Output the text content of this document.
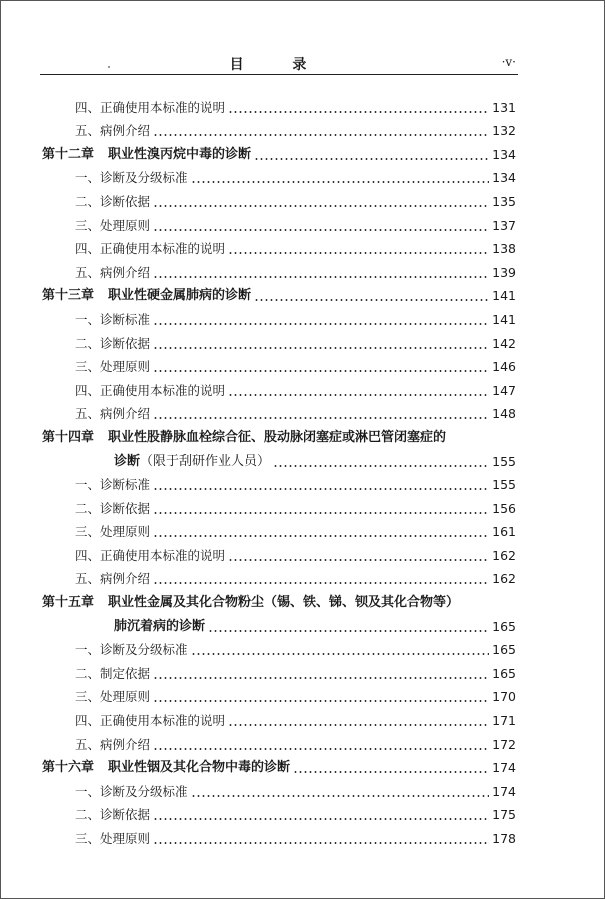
目 录	·v·
四、正确使用本标准的说明	131
五、病例介绍	132
第十二章 职业性溴丙烷中毒的诊断	134
一、诊断及分级标准	134
二、诊断依据	135
三、处理原则	137
四、正确使用本标准的说明	138
五、病例介绍	139
第十三章 职业性硬金属肺病的诊断	141
一、诊断标准	141
二、诊断依据	142
三、处理原则	146
四、正确使用本标准的说明	147
五、病例介绍	148
第十四章 职业性股静脉血栓综合征、股动脉闭塞症或淋巴管闭塞症的
诊断（限于刮研作业人员）	155
一、诊断标准	155
二、诊断依据	156
三、处理原则	161
四、正确使用本标准的说明	162
五、病例介绍	162
第十五章 职业性金属及其化合物粉尘（锡、铁、锑、钡及其化合物等）
肺沉着病的诊断	165
一、诊断及分级标准	165
二、制定依据	165
三、处理原则	170
四、正确使用本标准的说明	171
五、病例介绍	172
第十六章 职业性铟及其化合物中毒的诊断	174
一、诊断及分级标准	174
二、诊断依据	175
三、处理原则	178
